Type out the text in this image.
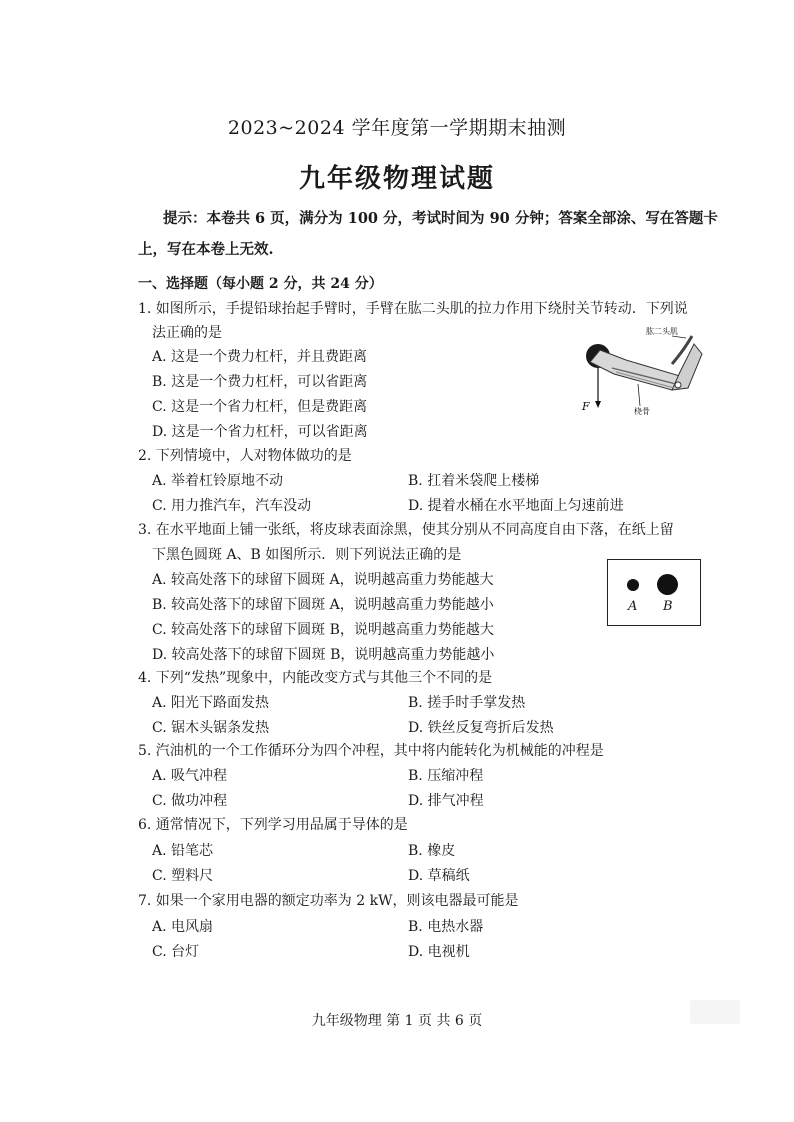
2023~2024 学年度第一学期期末抽测
九年级物理试题
提示：本卷共 6 页，满分为 100 分，考试时间为 90 分钟；答案全部涂、写在答题卡
上，写在本卷上无效.
一、选择题（每小题 2 分，共 24 分）
1. 如图所示，手提铅球抬起手臂时，手臂在肱二头肌的拉力作用下绕肘关节转动．下列说
法正确的是
A. 这是一个费力杠杆，并且费距离
B. 这是一个费力杠杆，可以省距离
C. 这是一个省力杠杆，但是费距离
D. 这是一个省力杠杆，可以省距离
肱二头肌
桡骨
F
2. 下列情境中，人对物体做功的是
A. 举着杠铃原地不动	B. 扛着米袋爬上楼梯
C. 用力推汽车，汽车没动	D. 提着水桶在水平地面上匀速前进
3. 在水平地面上铺一张纸，将皮球表面涂黑，使其分别从不同高度自由下落，在纸上留
下黑色圆斑 A、B 如图所示．则下列说法正确的是
A. 较高处落下的球留下圆斑 A，说明越高重力势能越大
B. 较高处落下的球留下圆斑 A，说明越高重力势能越小
C. 较高处落下的球留下圆斑 B，说明越高重力势能越大
D. 较高处落下的球留下圆斑 B，说明越高重力势能越小
A B
4. 下列“发热”现象中，内能改变方式与其他三个不同的是
A. 阳光下路面发热	B. 搓手时手掌发热
C. 锯木头锯条发热	D. 铁丝反复弯折后发热
5. 汽油机的一个工作循环分为四个冲程，其中将内能转化为机械能的冲程是
A. 吸气冲程	B. 压缩冲程
C. 做功冲程	D. 排气冲程
6. 通常情况下，下列学习用品属于导体的是
A. 铅笔芯	B. 橡皮
C. 塑料尺	D. 草稿纸
7. 如果一个家用电器的额定功率为 2 kW，则该电器最可能是
A. 电风扇	B. 电热水器
C. 台灯	D. 电视机
九年级物理 第 1 页 共 6 页
